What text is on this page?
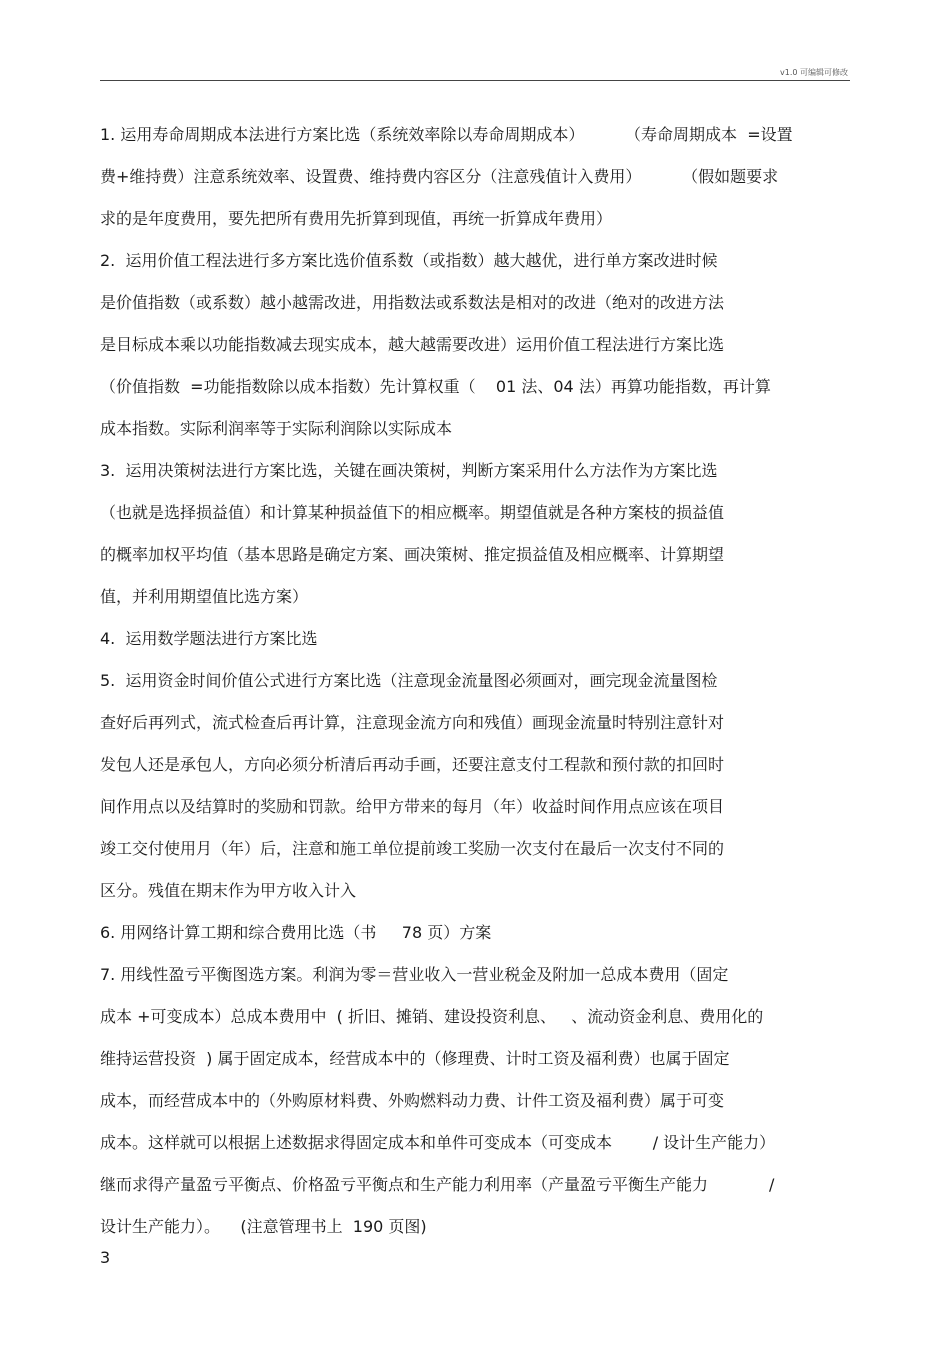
v1.0 可编辑可修改
1. 运用寿命周期成本法进行方案比选（系统效率除以寿命周期成本）        （寿命周期成本  =设置
费+维持费）注意系统效率、设置费、维持费内容区分（注意残值计入费用）        （假如题要求
求的是年度费用，要先把所有费用先折算到现值，再统一折算成年费用）
2.  运用价值工程法进行多方案比选价值系数（或指数）越大越优，进行单方案改进时候
是价值指数（或系数）越小越需改进，用指数法或系数法是相对的改进（绝对的改进方法
是目标成本乘以功能指数减去现实成本，越大越需要改进）运用价值工程法进行方案比选
（价值指数  =功能指数除以成本指数）先计算权重（    01 法、04 法）再算功能指数，再计算
成本指数。实际利润率等于实际利润除以实际成本
3.  运用决策树法进行方案比选，关键在画决策树，判断方案采用什么方法作为方案比选
（也就是选择损益值）和计算某种损益值下的相应概率。期望值就是各种方案枝的损益值
的概率加权平均值（基本思路是确定方案、画决策树、推定损益值及相应概率、计算期望
值，并利用期望值比选方案）
4.  运用数学题法进行方案比选
5.  运用资金时间价值公式进行方案比选（注意现金流量图必须画对，画完现金流量图检
查好后再列式，流式检查后再计算，注意现金流方向和残值）画现金流量时特别注意针对
发包人还是承包人，方向必须分析清后再动手画，还要注意支付工程款和预付款的扣回时
间作用点以及结算时的奖励和罚款。给甲方带来的每月（年）收益时间作用点应该在项目
竣工交付使用月（年）后，注意和施工单位提前竣工奖励一次支付在最后一次支付不同的
区分。残值在期末作为甲方收入计入
6. 用网络计算工期和综合费用比选（书     78 页）方案
7. 用线性盈亏平衡图选方案。利润为零＝营业收入一营业税金及附加一总成本费用（固定
成本 +可变成本）总成本费用中  ( 折旧、摊销、建设投资利息、   、流动资金利息、费用化的
维持运营投资  ) 属于固定成本，经营成本中的（修理费、计时工资及福利费）也属于固定
成本，而经营成本中的（外购原材料费、外购燃料动力费、计件工资及福利费）属于可变
成本。这样就可以根据上述数据求得固定成本和单件可变成本（可变成本        / 设计生产能力）
继而求得产量盈亏平衡点、价格盈亏平衡点和生产能力利用率（产量盈亏平衡生产能力            /
设计生产能力）。    (注意管理书上  190 页图)
3
